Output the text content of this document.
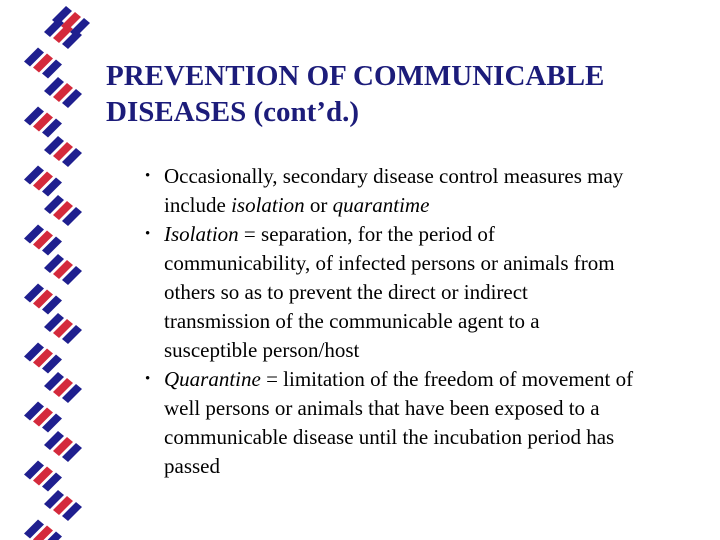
PREVENTION OF COMMUNICABLE
DISEASES (cont’d.)
• Occasionally, secondary disease control measures may
include isolation or quarantime
• Isolation = separation, for the period of
communicability, of infected persons or animals from
others so as to prevent the direct or indirect
transmission of the communicable agent to a
susceptible person/host
• Quarantine = limitation of the freedom of movement of
well persons or animals that have been exposed to a
communicable disease until the incubation period has
passed
